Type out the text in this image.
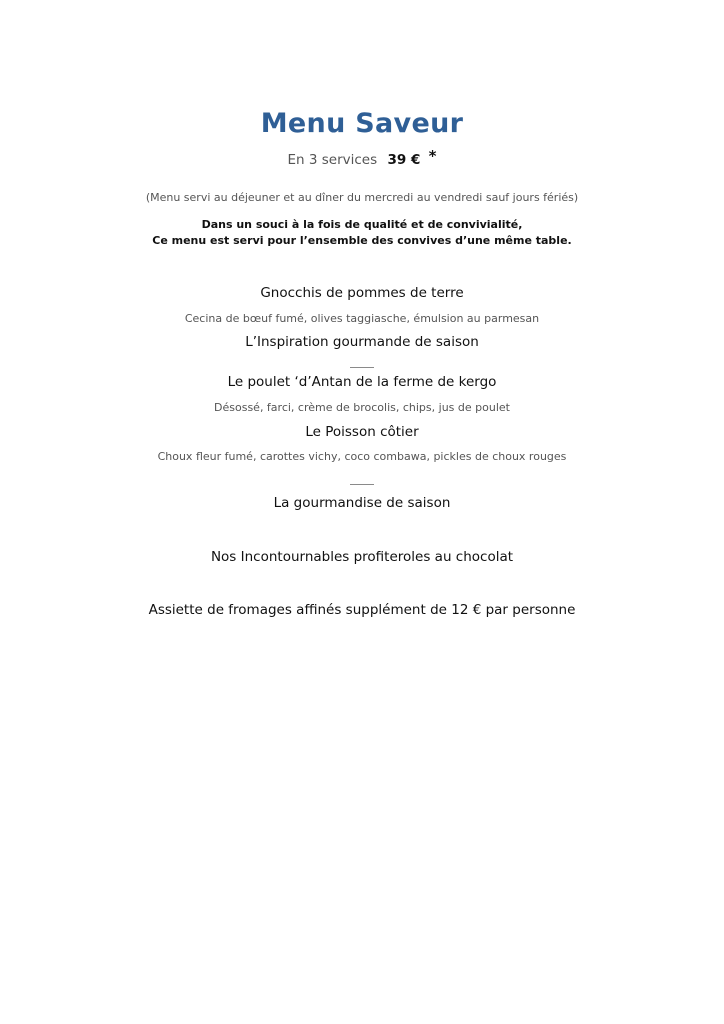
Menu Saveur
En 3 services 39 € *
(Menu servi au déjeuner et au dîner du mercredi au vendredi sauf jours fériés)
Dans un souci à la fois de qualité et de convivialité,
Ce menu est servi pour l’ensemble des convives d’une même table.
Gnocchis de pommes de terre
Cecina de bœuf fumé, olives taggiasche, émulsion au parmesan
L’Inspiration gourmande de saison
Le poulet ‘d’Antan de la ferme de kergo
Désossé, farci, crème de brocolis, chips, jus de poulet
Le Poisson côtier
Choux fleur fumé, carottes vichy, coco combawa, pickles de choux rouges
La gourmandise de saison
Nos Incontournables profiteroles au chocolat
Assiette de fromages affinés supplément de 12 € par personne
